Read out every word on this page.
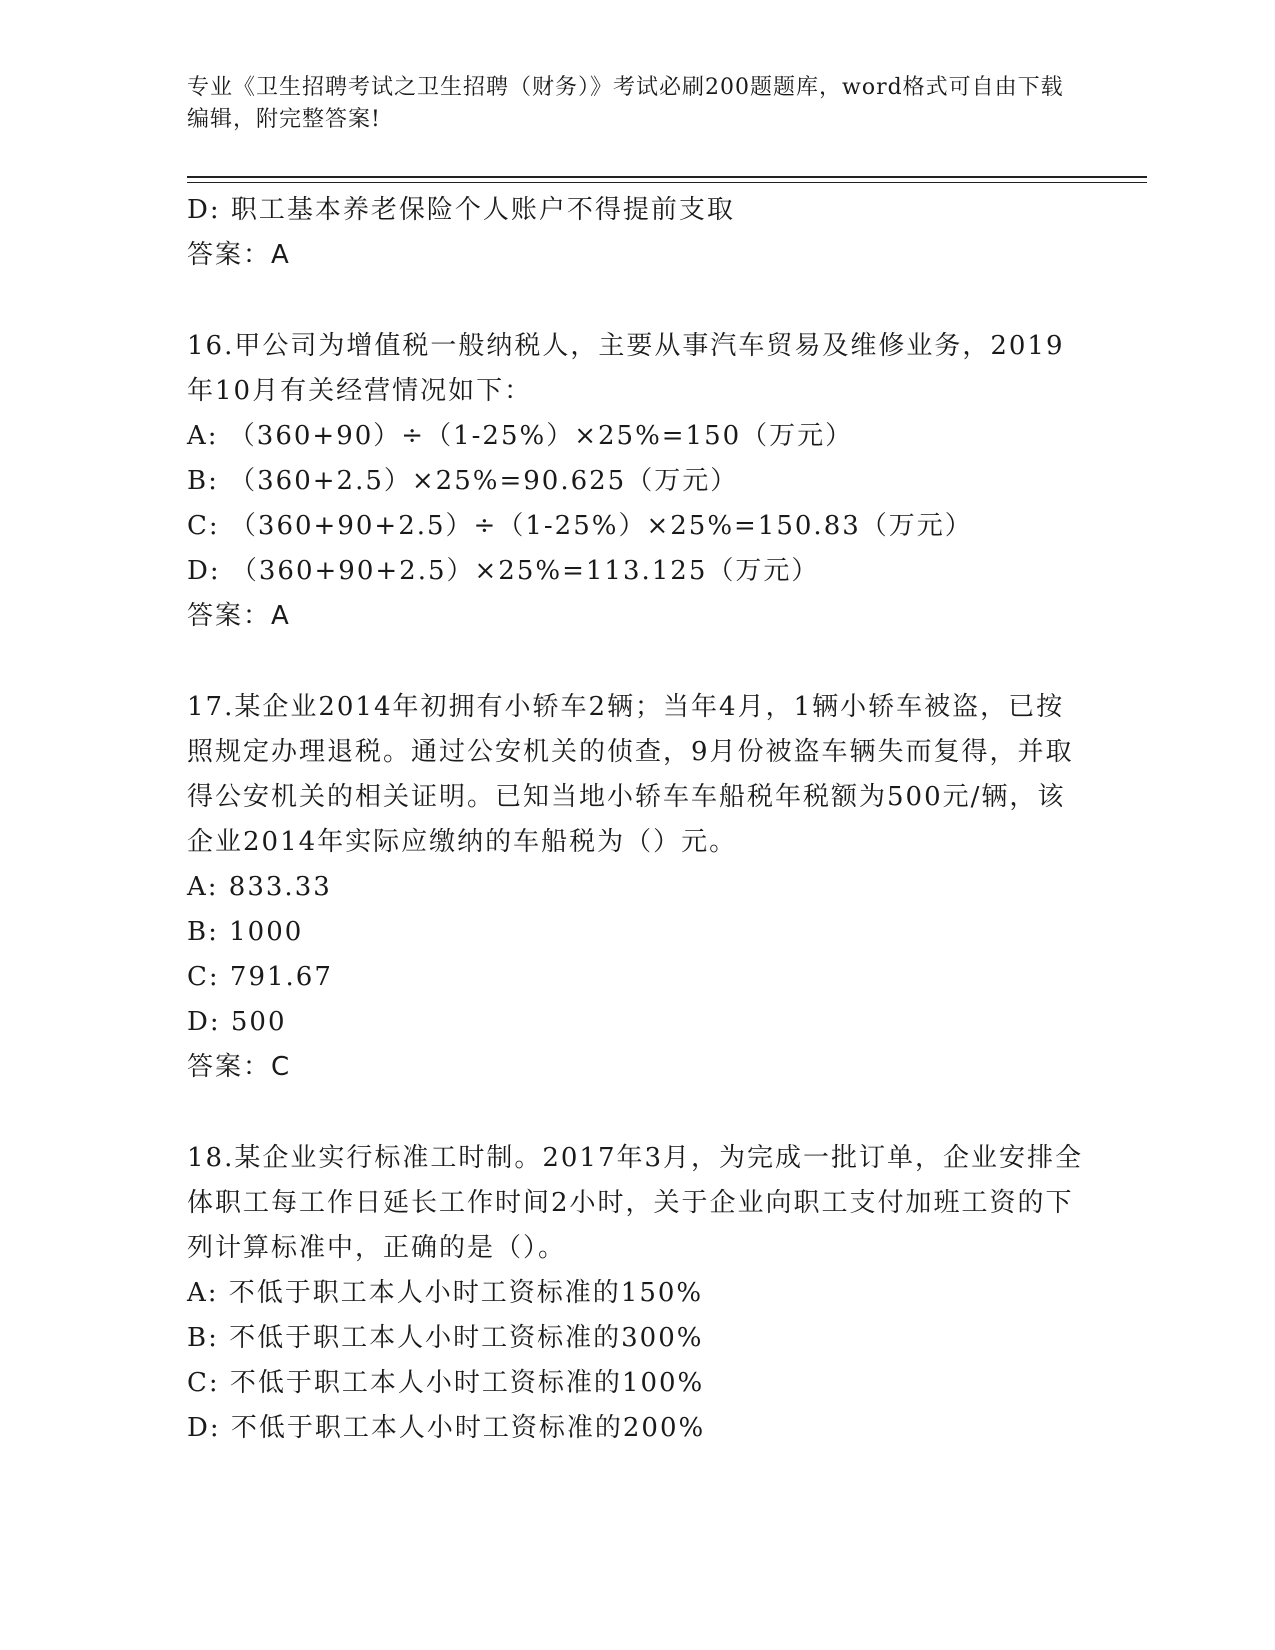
专业《卫生招聘考试之卫生招聘（财务）》考试必刷200题题库，word格式可自由下载编辑，附完整答案!
D: 职工基本养老保险个人账户不得提前支取
答案：A
16.甲公司为增值税一般纳税人，主要从事汽车贸易及维修业务，2019年10月有关经营情况如下：
A: （360+90）÷（1-25%）×25%=150（万元）
B: （360+2.5）×25%=90.625（万元）
C: （360+90+2.5）÷（1-25%）×25%=150.83（万元）
D: （360+90+2.5）×25%=113.125（万元）
答案：A
17.某企业2014年初拥有小轿车2辆；当年4月，1辆小轿车被盗，已按照规定办理退税。通过公安机关的侦查，9月份被盗车辆失而复得，并取得公安机关的相关证明。已知当地小轿车车船税年税额为500元/辆，该企业2014年实际应缴纳的车船税为（）元。
A: 833.33
B: 1000
C: 791.67
D: 500
答案：C
18.某企业实行标准工时制。2017年3月，为完成一批订单，企业安排全体职工每工作日延长工作时间2小时，关于企业向职工支付加班工资的下列计算标准中，正确的是（）。
A: 不低于职工本人小时工资标准的150%
B: 不低于职工本人小时工资标准的300%
C: 不低于职工本人小时工资标准的100%
D: 不低于职工本人小时工资标准的200%
